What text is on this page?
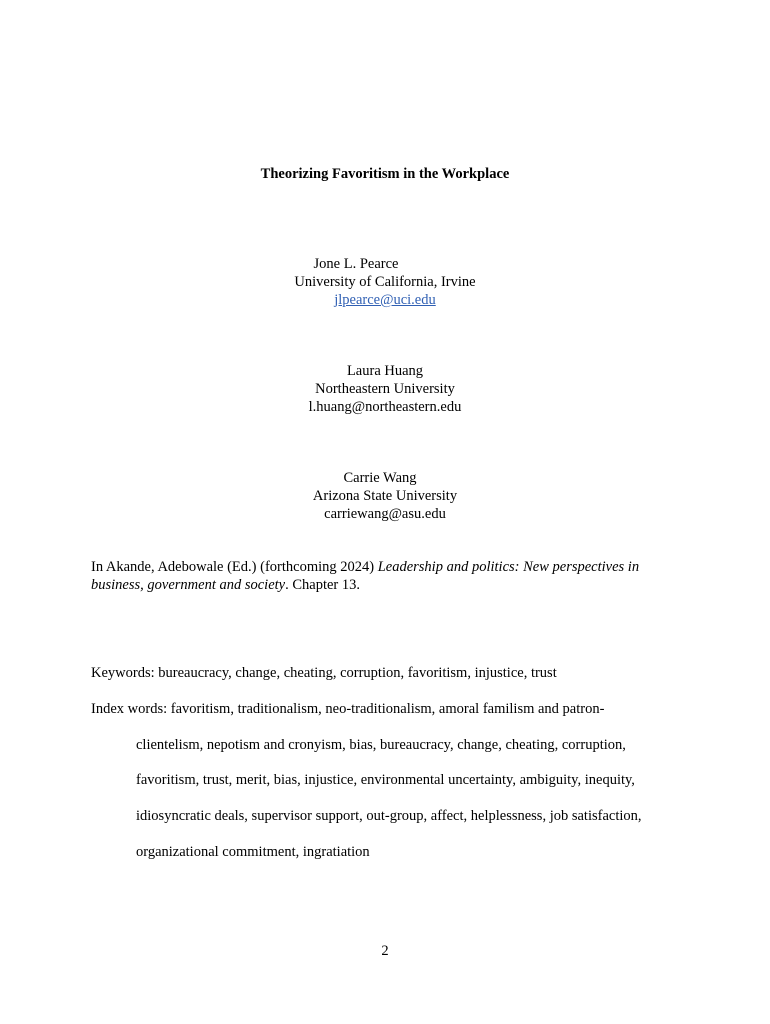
Theorizing Favoritism in the Workplace
Jone L. Pearce
University of California, Irvine
jlpearce@uci.edu
Laura Huang
Northeastern University
l.huang@northeastern.edu
Carrie Wang
Arizona State University
carriewang@asu.edu
In Akande, Adebowale (Ed.) (forthcoming 2024) Leadership and politics: New perspectives in business, government and society. Chapter 13.
Keywords: bureaucracy, change, cheating, corruption, favoritism, injustice, trust
Index words: favoritism, traditionalism, neo-traditionalism, amoral familism and patron-
clientelism, nepotism and cronyism, bias, bureaucracy, change, cheating, corruption,
favoritism, trust, merit, bias, injustice, environmental uncertainty, ambiguity, inequity,
idiosyncratic deals, supervisor support, out-group, affect, helplessness, job satisfaction,
organizational commitment, ingratiation
2
